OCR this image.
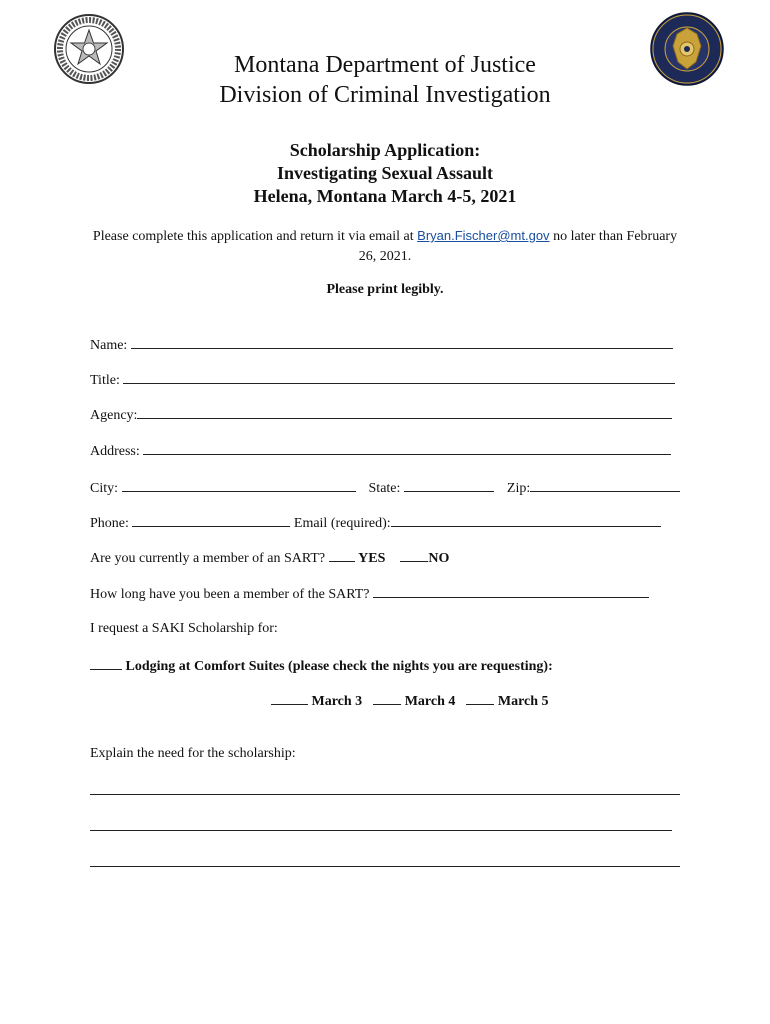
Montana Department of Justice
Division of Criminal Investigation
Scholarship Application:
Investigating Sexual Assault
Helena, Montana March 4-5, 2021
Please complete this application and return it via email at Bryan.Fischer@mt.gov no later than February 26, 2021.
Please print legibly.
Name:
Title:
Agency:
Address:
City:	State:	Zip:
Phone:	Email (required):
Are you currently a member of an SART? YES	NO
How long have you been a member of the SART?
I request a SAKI Scholarship for:
Lodging at Comfort Suites (please check the nights you are requesting):
March 3	March 4	March 5
Explain the need for the scholarship:
